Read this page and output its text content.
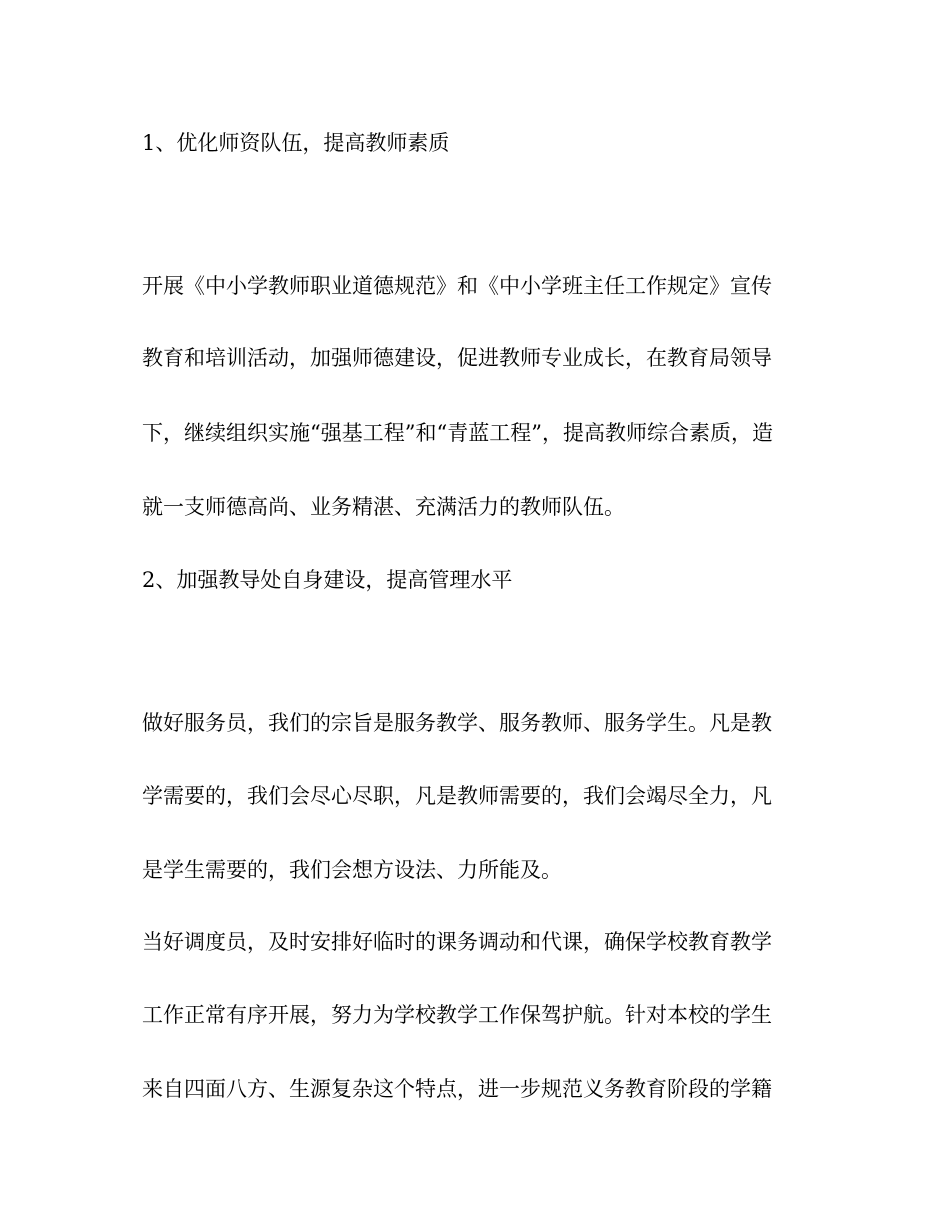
1、优化师资队伍，提高教师素质
开展《中小学教师职业道德规范》和《中小学班主任工作规定》宣传
教育和培训活动，加强师德建设，促进教师专业成长，在教育局领导
下，继续组织实施“强基工程”和“青蓝工程”，提高教师综合素质，造
就一支师德高尚、业务精湛、充满活力的教师队伍。
2、加强教导处自身建设，提高管理水平
做好服务员，我们的宗旨是服务教学、服务教师、服务学生。凡是教
学需要的，我们会尽心尽职，凡是教师需要的，我们会竭尽全力，凡
是学生需要的，我们会想方设法、力所能及。
当好调度员，及时安排好临时的课务调动和代课，确保学校教育教学
工作正常有序开展，努力为学校教学工作保驾护航。针对本校的学生
来自四面八方、生源复杂这个特点，进一步规范义务教育阶段的学籍
